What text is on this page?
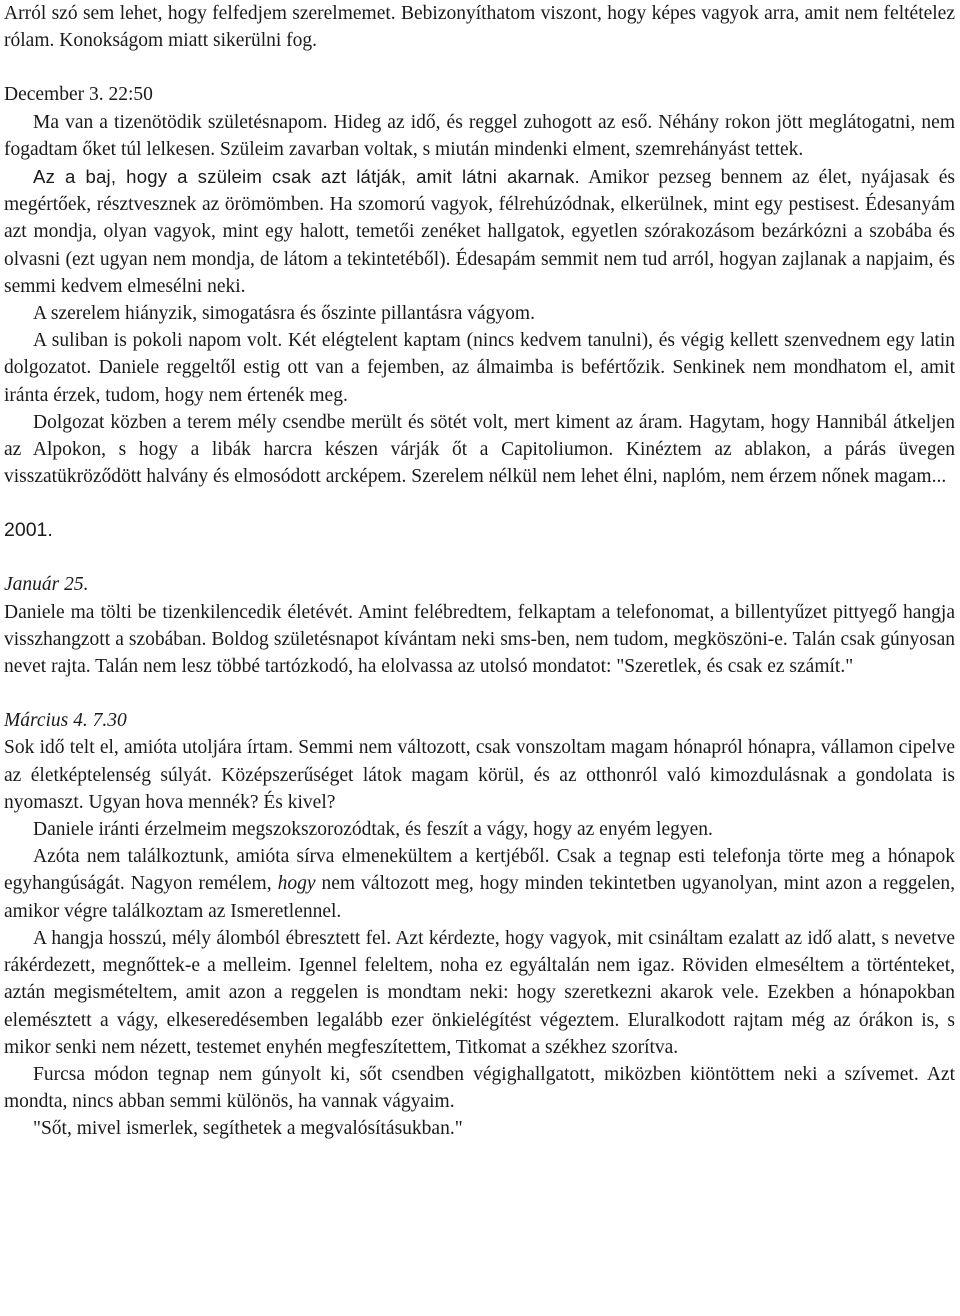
Arról szó sem lehet, hogy felfedjem szerelmemet. Bebizonyíthatom viszont, hogy képes vagyok arra, amit nem feltételez rólam. Konokságom miatt sikerülni fog.

December 3. 22:50

Ma van a tizenötödik születésnapom. Hideg az idő, és reggel zuhogott az eső. Néhány rokon jött meglátogatni, nem fogadtam őket túl lelkesen. Szüleim zavarban voltak, s miután mindenki elment, szemrehányást tettek.

Az a baj, hogy a szüleim csak azt látják, amit látni akarnak. Amikor pezseg bennem az élet, nyájasak és megértőek, résztvesznek az örömömben. Ha szomorú vagyok, félrehúzódnak, elkerülnek, mint egy pestisest. Édesanyám azt mondja, olyan vagyok, mint egy halott, temetői zenéket hallgatok, egyetlen szórakozásom bezárkózni a szobába és olvasni (ezt ugyan nem mondja, de látom a tekintetéből). Édesapám semmit nem tud arról, hogyan zajlanak a napjaim, és semmi kedvem elmesélni neki.

A szerelem hiányzik, simogatásra és őszinte pillantásra vágyom.

A suliban is pokoli napom volt. Két elégtelent kaptam (nincs kedvem tanulni), és végig kellett szenvednem egy latin dolgozatot. Daniele reggeltől estig ott van a fejemben, az álmaimba is befértőzik. Senkinek nem mondhatom el, amit iránta érzek, tudom, hogy nem értenék meg.

Dolgozat közben a terem mély csendbe merült és sötét volt, mert kiment az áram. Hagytam, hogy Hannibál átkeljen az Alpokon, s hogy a libák harcra készen várják őt a Capitoliumon. Kinéztem az ablakon, a párás üvegen visszatükröződött halvány és elmosódott arcképem. Szerelem nélkül nem lehet élni, naplóm, nem érzem nőnek magam...

2001.

Január 25.

Daniele ma tölti be tizenkilencedik életévét. Amint felébredtem, felkaptam a telefonomat, a billentyűzet pittyegő hangja visszhangzott a szobában. Boldog születésnapot kívántam neki sms-ben, nem tudom, megköszöni-e. Talán csak gúnyosan nevet rajta. Talán nem lesz többé tartózkodó, ha elolvassa az utolsó mondatot: "Szeretlek, és csak ez számít."

Március 4. 7.30

Sok idő telt el, amióta utoljára írtam. Semmi nem változott, csak vonszoltam magam hónapról hónapra, vállamon cipelve az életképtelenség súlyát. Középszerűséget látok magam körül, és az otthonról való kimozdulásnak a gondolata is nyomaszt. Ugyan hova mennék? És kivel?

Daniele iránti érzelmeim megszokszorozódtak, és feszít a vágy, hogy az enyém legyen.

Azóta nem találkoztunk, amióta sírva elmenekültem a kertjéből. Csak a tegnap esti telefonja törte meg a hónapok egyhangúságát. Nagyon remélem, hogy nem változott meg, hogy minden tekintetben ugyanolyan, mint azon a reggelen, amikor végre találkoztam az Ismeretlennel.

A hangja hosszú, mély álomból ébresztett fel. Azt kérdezte, hogy vagyok, mit csináltam ezalatt az idő alatt, s nevetve rákérdezett, megnőttek-e a melleim. Igennel feleltem, noha ez egyáltalán nem igaz. Röviden elmeséltem a történteket, aztán megismételtem, amit azon a reggelen is mondtam neki: hogy szeretkezni akarok vele. Ezekben a hónapokban elemésztett a vágy, elkeseredésemben legalább ezer önkielégítést végeztem. Eluralkodott rajtam még az órákon is, s mikor senki nem nézett, testemet enyhén megfeszítettem, Titkomat a székhez szorítva.

Furcsa módon tegnap nem gúnyolt ki, sőt csendben végighallgatott, miközben kiöntöttem neki a szívemet. Azt mondta, nincs abban semmi különös, ha vannak vágyaim.

"Sőt, mivel ismerlek, segíthetek a megvalósításukban."
